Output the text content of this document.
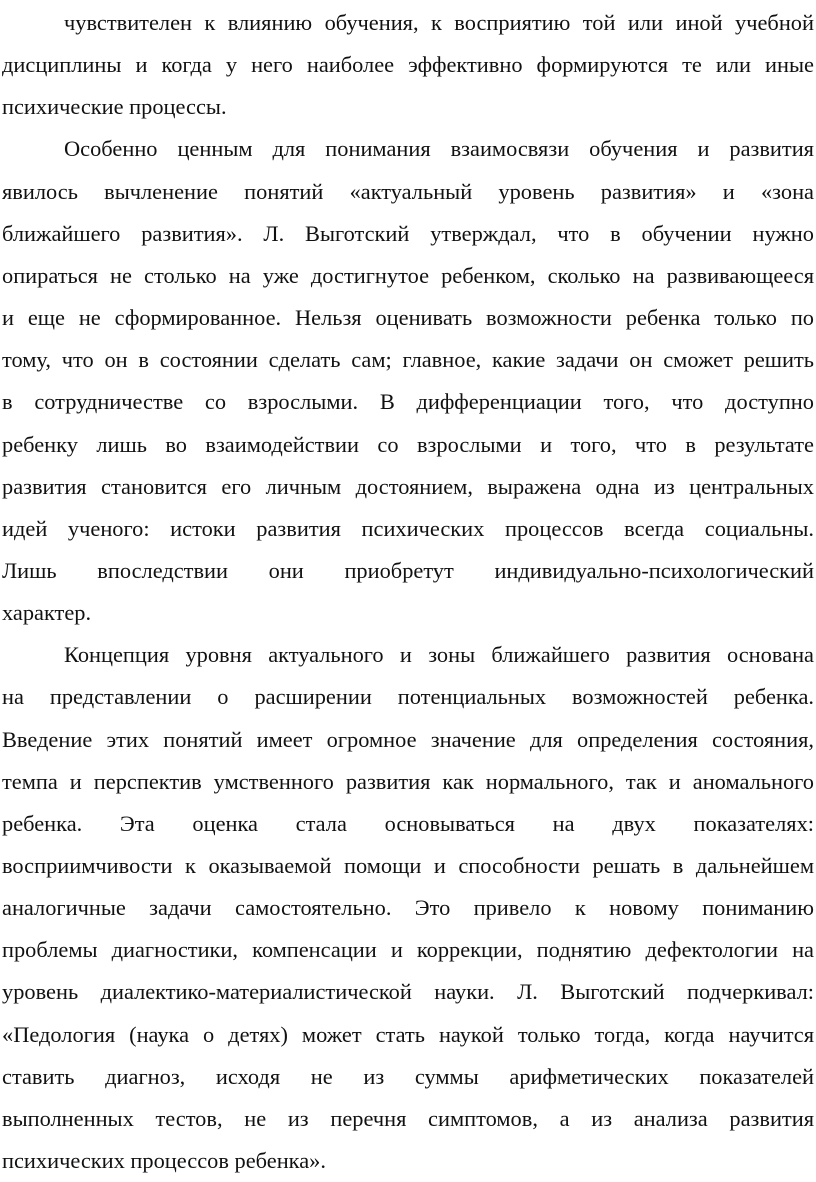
чувствителен к влиянию обучения, к восприятию той или иной учебной
дисциплины и когда у него наиболее эффективно формируются те или иные
психические процессы.
Особенно ценным для понимания взаимосвязи обучения и развития
явилось вычленение понятий «актуальный уровень развития» и «зона
ближайшего развития». Л. Выготский утверждал, что в обучении нужно
опираться не столько на уже достигнутое ребенком, сколько на развивающееся
и еще не сформированное. Нельзя оценивать возможности ребенка только по
тому, что он в состоянии сделать сам; главное, какие задачи он сможет решить
в сотрудничестве со взрослыми. В дифференциации того, что доступно
ребенку лишь во взаимодействии со взрослыми и того, что в результате
развития становится его личным достоянием, выражена одна из центральных
идей ученого: истоки развития психических процессов всегда социальны.
Лишь впоследствии они приобретут индивидуально-психологический
характер.
Концепция уровня актуального и зоны ближайшего развития основана
на представлении о расширении потенциальных возможностей ребенка.
Введение этих понятий имеет огромное значение для определения состояния,
темпа и перспектив умственного развития как нормального, так и аномального
ребенка. Эта оценка стала основываться на двух показателях:
восприимчивости к оказываемой помощи и способности решать в дальнейшем
аналогичные задачи самостоятельно. Это привело к новому пониманию
проблемы диагностики, компенсации и коррекции, поднятию дефектологии на
уровень диалектико-материалистической науки. Л. Выготский подчеркивал:
«Педология (наука о детях) может стать наукой только тогда, когда научится
ставить диагноз, исходя не из суммы арифметических показателей
выполненных тестов, не из перечня симптомов, а из анализа развития
психических процессов ребенка».
